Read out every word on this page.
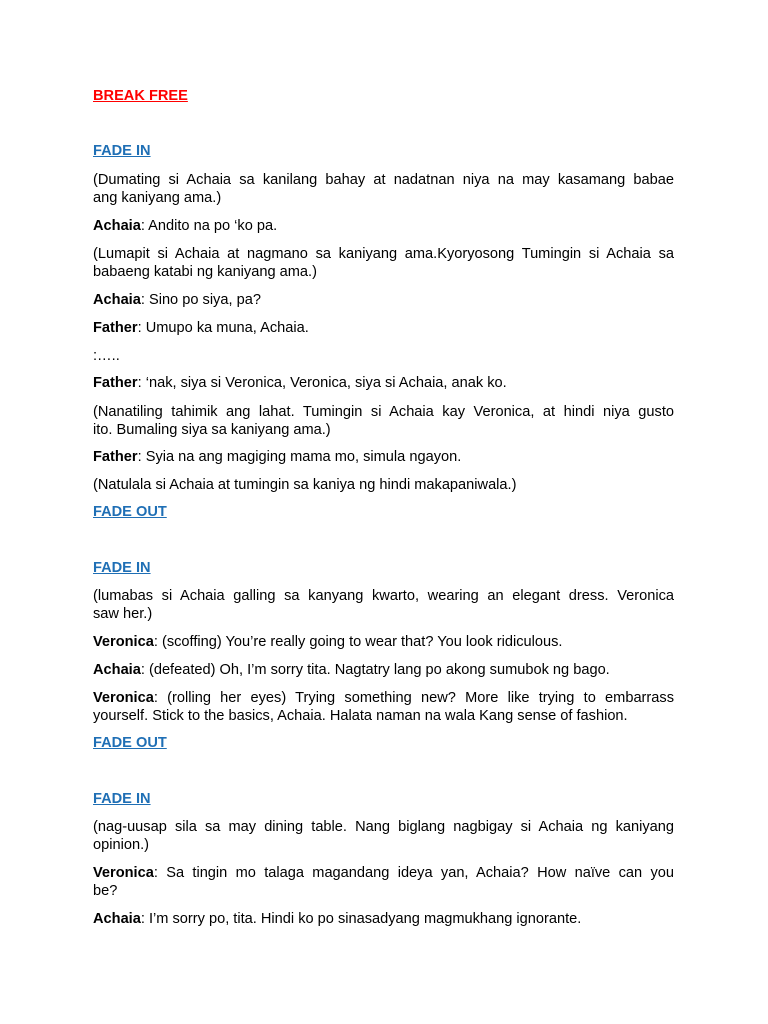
BREAK FREE
FADE IN
(Dumating si Achaia sa kanilang bahay at nadatnan niya na may kasamang babae
ang kaniyang ama.)
Achaia: Andito na po ‘ko pa.
(Lumapit si Achaia at nagmano sa kaniyang ama.Kyoryosong Tumingin si Achaia sa
babaeng katabi ng kaniyang ama.)
Achaia: Sino po siya, pa?
Father: Umupo ka muna, Achaia.
:…..
Father: ‘nak, siya si Veronica, Veronica, siya si Achaia, anak ko.
(Nanatiling tahimik ang lahat. Tumingin si Achaia kay Veronica, at hindi niya gusto
ito. Bumaling siya sa kaniyang ama.)
Father: Syia na ang magiging mama mo, simula ngayon.
(Natulala si Achaia at tumingin sa kaniya ng hindi makapaniwala.)
FADE OUT
FADE IN
(lumabas si Achaia galling sa kanyang kwarto, wearing an elegant dress. Veronica
saw her.)
Veronica: (scoffing) You’re really going to wear that? You look ridiculous.
Achaia: (defeated) Oh, I’m sorry tita. Nagtatry lang po akong sumubok ng bago.
Veronica: (rolling her eyes) Trying something new? More like trying to embarrass
yourself. Stick to the basics, Achaia. Halata naman na wala Kang sense of fashion.
FADE OUT
FADE IN
(nag-uusap sila sa may dining table. Nang biglang nagbigay si Achaia ng kaniyang
opinion.)
Veronica: Sa tingin mo talaga magandang ideya yan, Achaia? How naïve can you
be?
Achaia: I’m sorry po, tita. Hindi ko po sinasadyang magmukhang ignorante.
